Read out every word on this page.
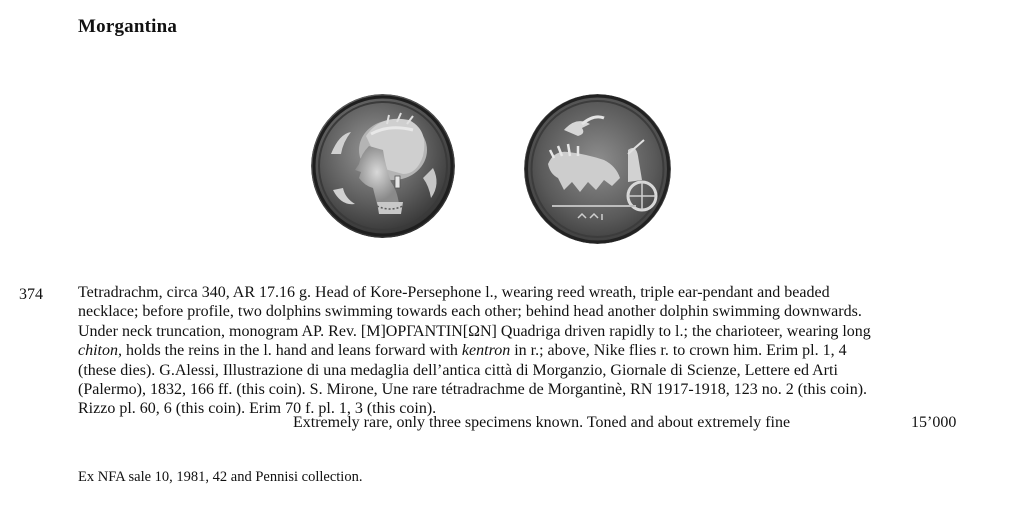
Morgantina
374 Tetradrachm, circa 340, AR 17.16 g. Head of Kore-Persephone l., wearing reed wreath, triple ear-pendant and beaded
necklace; before profile, two dolphins swimming towards each other; behind head another dolphin swimming downwards.
Under neck truncation, monogram AP. Rev. [M]ΟΡΓΑΝΤΙΝ[ΩΝ] Quadriga driven rapidly to l.; the charioteer, wearing long
chiton, holds the reins in the l. hand and leans forward with kentron in r.; above, Nike flies r. to crown him. Erim pl. 1, 4
(these dies). G.Alessi, Illustrazione di una medaglia dell’antica città di Morganzio, Giornale di Scienze, Lettere ed Arti
(Palermo), 1832, 166 ff. (this coin). S. Mirone, Une rare tétradrachme de Morgantinè, RN 1917-1918, 123 no. 2 (this coin).
Rizzo pl. 60, 6 (this coin). Erim 70 f. pl. 1, 3 (this coin).
Extremely rare, only three specimens known. Toned and about extremely fine	15’000
Ex NFA sale 10, 1981, 42 and Pennisi collection.
